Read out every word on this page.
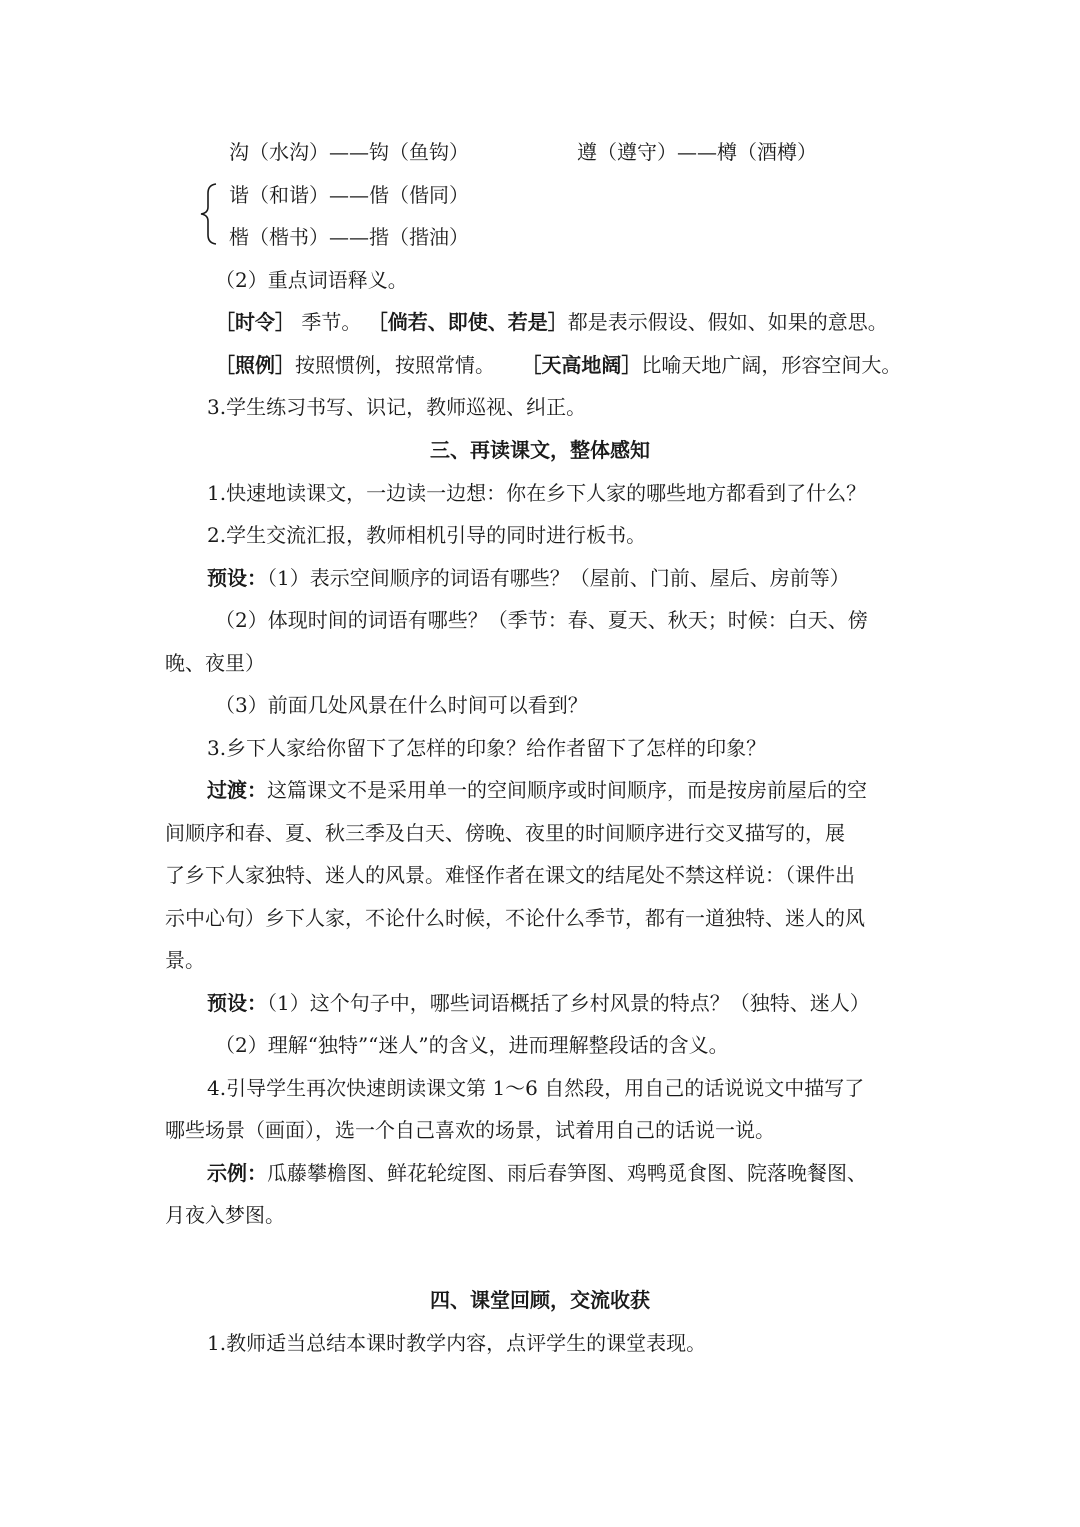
沟（水沟）——钩（鱼钩）	遵（遵守）——樽（酒樽）
谐（和谐）——偕（偕同）
楷（楷书）——揩（揩油）
（2）重点词语释义。
［时令］ 季节。 ［倘若、即使、若是］都是表示假设、假如、如果的意思。
［照例］按照惯例，按照常情。 ［天高地阔］比喻天地广阔，形容空间大。
3.学生练习书写、识记，教师巡视、纠正。
三、再读课文，整体感知
1.快速地读课文，一边读一边想：你在乡下人家的哪些地方都看到了什么？
2.学生交流汇报，教师相机引导的同时进行板书。
预设：（1）表示空间顺序的词语有哪些？（屋前、门前、屋后、房前等）
（2）体现时间的词语有哪些？（季节：春、夏天、秋天；时候：白天、傍
晚、夜里）
（3）前面几处风景在什么时间可以看到？
3.乡下人家给你留下了怎样的印象？给作者留下了怎样的印象？
过渡：这篇课文不是采用单一的空间顺序或时间顺序，而是按房前屋后的空
间顺序和春、夏、秋三季及白天、傍晚、夜里的时间顺序进行交叉描写的，展
了乡下人家独特、迷人的风景。难怪作者在课文的结尾处不禁这样说：（课件出
示中心句）乡下人家，不论什么时候，不论什么季节，都有一道独特、迷人的风
景。
预设：（1）这个句子中，哪些词语概括了乡村风景的特点？（独特、迷人）
（2）理解“独特”“迷人”的含义，进而理解整段话的含义。
4.引导学生再次快速朗读课文第 1～6 自然段，用自己的话说说文中描写了
哪些场景（画面），选一个自己喜欢的场景，试着用自己的话说一说。
示例：瓜藤攀檐图、鲜花轮绽图、雨后春笋图、鸡鸭觅食图、院落晚餐图、
月夜入梦图。
四、课堂回顾，交流收获
1.教师适当总结本课时教学内容，点评学生的课堂表现。
